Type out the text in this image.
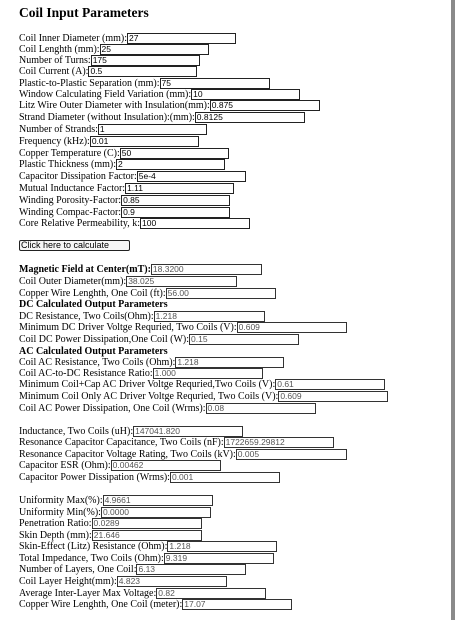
Coil Input Parameters
$^{Coil Inner Diameter (mm):}$ 27
$^{Coil Lenghth (mm):}$ 25
$^{Number of Turns:}$ 175
$^{Coil Current (A):}$ 0.5
$^{Plastic-to-Plastic Separation (mm):}$ 75
$^{Window Calculating Field Variation (mm):}$ 10
$^{Litz Wire Outer Diameter with Insulation(mm):}$ 0.875
$^{Strand Diameter (without Insulation):(mm):}$ 0.8125
$^{Number of Strands:}$ 1
$^{Frequency (kHz):}$ 0.01
$^{Copper Temperature (C):}$ 50
$^{Plastic Thickness (mm):}$ 2
$^{Capacitor Dissipation Factor:}$ 5e-4
$^{Mutual Inductance Factor:}$ 1.11
$^{Winding Porosity-Factor:}$ 0.85
$^{Winding Compac-Factor:}$ 0.9
$^{Core Relative Permeability, k:}$ 100
Click here to calculate
$^{Magnetic Field at Center(mT):}$ 18.3200
$^{Coil Outer Diameter(mm):}$ 38.025
$^{Copper Wire Lenghth, One Coil (ft):}$ 56.00
DC Calculated Output Parameters
$^{DC Resistance, Two Coils(Ohm):}$ 1.218
$^{Minimum DC Driver Voltge Requried, Two Coils (V):}$ 0.609
$^{Coil DC Power Dissipation,One Coil (W):}$ 0.15
AC Calculated Output Parameters
$^{Coil AC Resistance, Two Coils (Ohm):}$ 1.218
$^{Coil AC-to-DC Resistance Ratio:}$ 1.000
$^{Minimum Coil+Cap AC Driver Voltge Requried,Two Coils (V):}$ 0.61
$^{Minimum Coil Only AC Driver Voltge Requried, Two Coils (V):}$ 0.609
$^{Coil AC Power Dissipation, One Coil (Wrms):}$ 0.08
$^{Inductance, Two Coils (uH):}$ 147041.820
$^{Resonance Capacitor Capacitance, Two Coils (nF):}$ 1722659.29812
$^{Resonance Capacitor Voltage Rating, Two Coils (kV):}$ 0.005
$^{Capacitor ESR (Ohm):}$ 0.00462
$^{Capacitor Power Dissipation (Wrms):}$ 0.001
$^{Uniformity Max(\%):}$ 4.9661
$^{Uniformity Min(\%):}$ 0.0000
$^{Penetration Ratio:}$ 0.0289
$^{Skin Depth (mm):}$ 21.646
$^{Skin-Effect (Litz) Resistance (Ohm):}$ 1.218
$^{Total Impedance, Two Coils (Ohm):}$ 9.319
$^{Number of Layers, One Coil:}$ 6.13
$^{Coil Layer Height(mm):}$ 4.823
$^{Average Inter-Layer Max Voltage:}$ 0.82
$^{Copper Wire Lenghth, One Coil (meter):}$ 17.07
